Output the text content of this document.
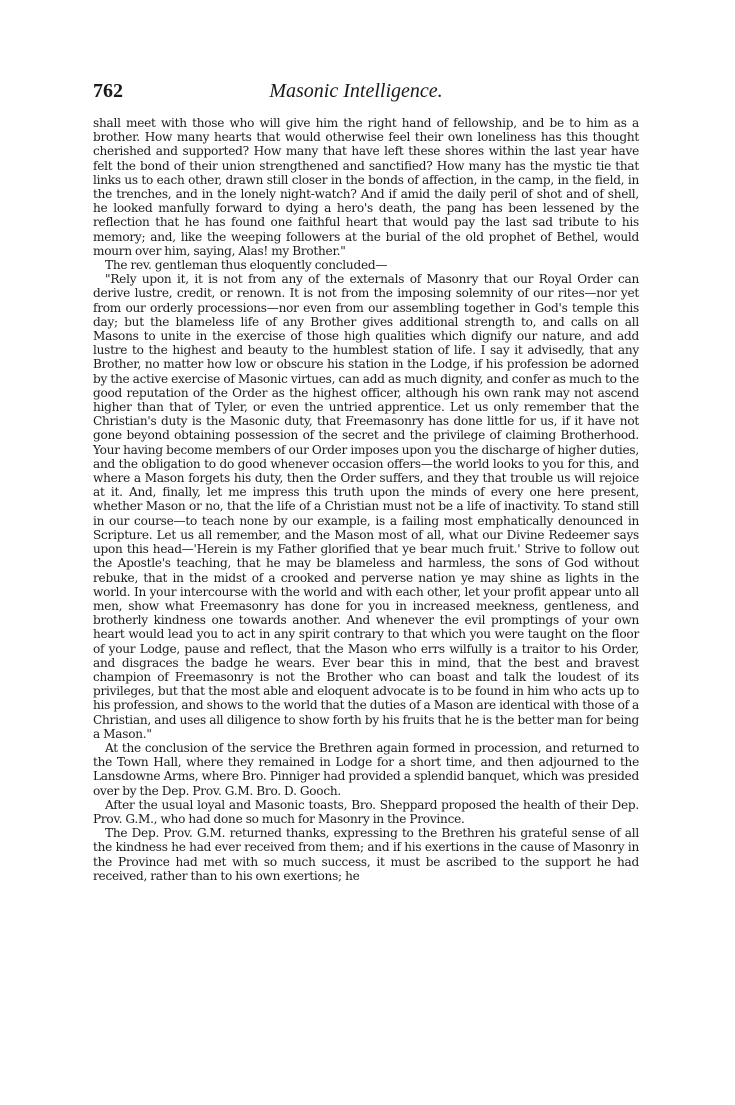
762	Masonic Intelligence.

shall meet with those who will give him the right hand of fellowship, and be to him as a brother. How many hearts that would otherwise feel their own loneliness has this thought cherished and supported? How many that have left these shores within the last year have felt the bond of their union strengthened and sanctified? How many has the mystic tie that links us to each other, drawn still closer in the bonds of affection, in the camp, in the field, in the trenches, and in the lonely night-watch? And if amid the daily peril of shot and of shell, he looked manfully forward to dying a hero's death, the pang has been lessened by the reflection that he has found one faithful heart that would pay the last sad tribute to his memory; and, like the weeping followers at the burial of the old prophet of Bethel, would mourn over him, saying, Alas! my Brother."

The rev. gentleman thus eloquently concluded—

"Rely upon it, it is not from any of the externals of Masonry that our Royal Order can derive lustre, credit, or renown. It is not from the imposing solemnity of our rites—nor yet from our orderly processions—nor even from our assembling together in God's temple this day; but the blameless life of any Brother gives additional strength to, and calls on all Masons to unite in the exercise of those high qualities which dignify our nature, and add lustre to the highest and beauty to the humblest station of life. I say it advisedly, that any Brother, no matter how low or obscure his station in the Lodge, if his profession be adorned by the active exercise of Masonic virtues, can add as much dignity, and confer as much to the good reputation of the Order as the highest officer, although his own rank may not ascend higher than that of Tyler, or even the untried apprentice. Let us only remember that the Christian's duty is the Masonic duty, that Freemasonry has done little for us, if it have not gone beyond obtaining possession of the secret and the privilege of claiming Brotherhood. Your having become members of our Order imposes upon you the discharge of higher duties, and the obligation to do good whenever occasion offers—the world looks to you for this, and where a Mason forgets his duty, then the Order suffers, and they that trouble us will rejoice at it. And, finally, let me impress this truth upon the minds of every one here present, whether Mason or no, that the life of a Christian must not be a life of inactivity. To stand still in our course—to teach none by our example, is a failing most emphatically denounced in Scripture. Let us all remember, and the Mason most of all, what our Divine Redeemer says upon this head—'Herein is my Father glorified that ye bear much fruit.' Strive to follow out the Apostle's teaching, that he may be blameless and harmless, the sons of God without rebuke, that in the midst of a crooked and perverse nation ye may shine as lights in the world. In your intercourse with the world and with each other, let your profit appear unto all men, show what Freemasonry has done for you in increased meekness, gentleness, and brotherly kindness one towards another. And whenever the evil promptings of your own heart would lead you to act in any spirit contrary to that which you were taught on the floor of your Lodge, pause and reflect, that the Mason who errs wilfully is a traitor to his Order, and disgraces the badge he wears. Ever bear this in mind, that the best and bravest champion of Freemasonry is not the Brother who can boast and talk the loudest of its privileges, but that the most able and eloquent advocate is to be found in him who acts up to his profession, and shows to the world that the duties of a Mason are identical with those of a Christian, and uses all diligence to show forth by his fruits that he is the better man for being a Mason."

At the conclusion of the service the Brethren again formed in procession, and returned to the Town Hall, where they remained in Lodge for a short time, and then adjourned to the Lansdowne Arms, where Bro. Pinniger had provided a splendid banquet, which was presided over by the Dep. Prov. G.M. Bro. D. Gooch.

After the usual loyal and Masonic toasts, Bro. Sheppard proposed the health of their Dep. Prov. G.M., who had done so much for Masonry in the Province.

The Dep. Prov. G.M. returned thanks, expressing to the Brethren his grateful sense of all the kindness he had ever received from them; and if his exertions in the cause of Masonry in the Province had met with so much success, it must be ascribed to the support he had received, rather than to his own exertions; he
